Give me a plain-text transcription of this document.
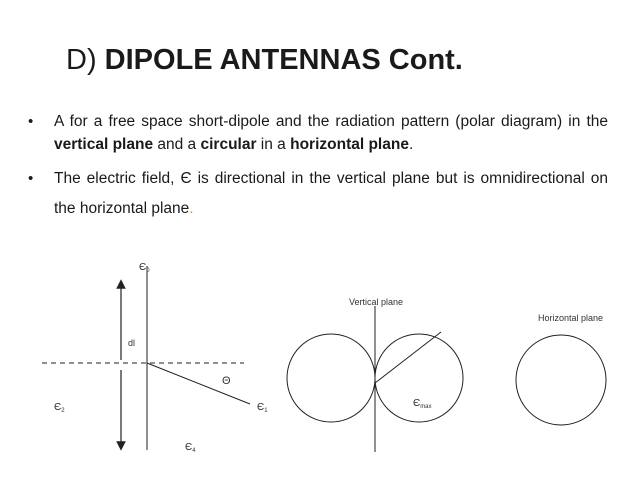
D) DIPOLE ANTENNAS Cont.
• A for a free space short-dipole and the radiation pattern (polar diagram) in the vertical plane and a circular in a horizontal plane.
• The electric field, Є is directional in the vertical plane but is omnidirectional on the horizontal plane.
$Є_0$
dl
Θ
$Є_2$	$Є_1$
$Є_4$
Vertical plane
$Є_{max}$
Horizontal plane
